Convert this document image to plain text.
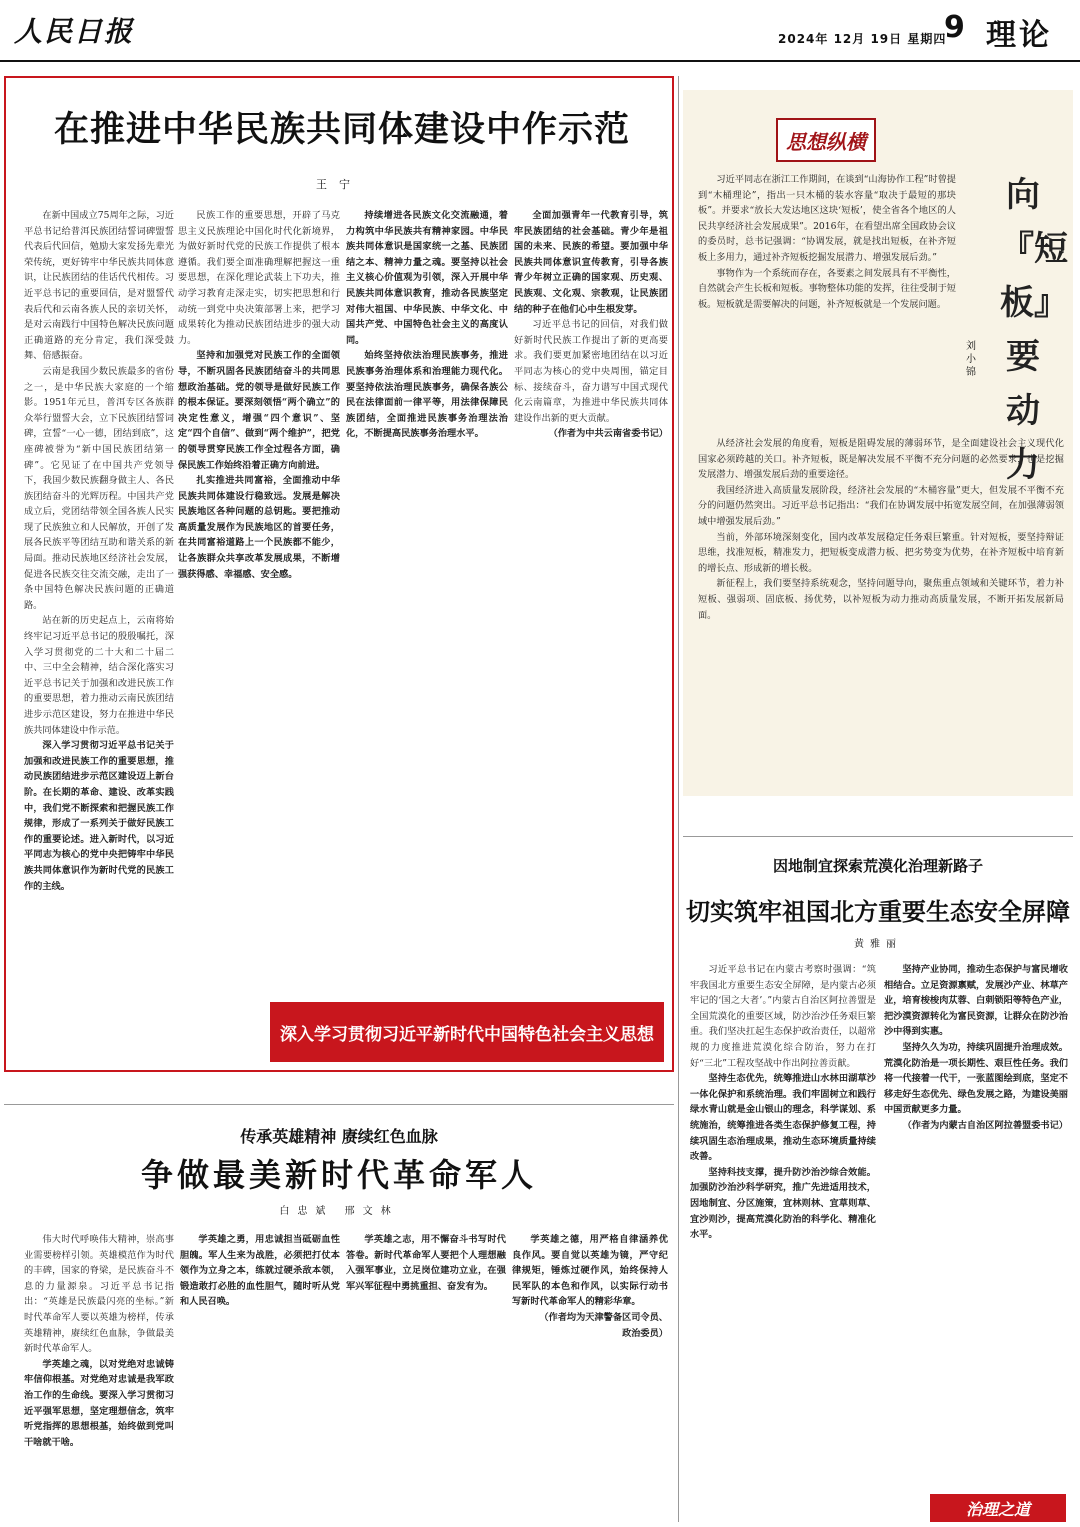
人民日报	2024年 12月 19日 星期四
9 理论
在推进中华民族共同体建设中作示范
王宁

在新中国成立75周年之际，习近平总书记给普洱民族团结誓词碑盟誓代表后代回信，勉励大家发扬先辈光荣传统，更好铸牢中华民族共同体意识，让民族团结的佳话代代相传。习近平总书记的重要回信，是对盟誓代表后代和云南各族人民的亲切关怀，是对云南践行中国特色解决民族问题正确道路的充分肯定，我们深受鼓舞、倍感振奋。

云南是我国少数民族最多的省份之一，是中华民族大家庭的一个缩影。1951年元旦，普洱专区各族群众举行盟誓大会，立下民族团结誓词碑，宣誓“一心一德，团结到底”，这座碑被誉为“新中国民族团结第一碑”。它见证了在中国共产党领导下，我国少数民族翻身做主人、各民族团结奋斗的光辉历程。中国共产党成立后，党团结带领全国各族人民实现了民族独立和人民解放，开创了发展各民族平等团结互助和谐关系的新局面。推动民族地区经济社会发展，促进各民族交往交流交融，走出了一条中国特色解决民族问题的正确道路。

站在新的历史起点上，云南将始终牢记习近平总书记的殷殷嘱托，深入学习贯彻党的二十大和二十届二中、三中全会精神，结合深化落实习近平总书记关于加强和改进民族工作的重要思想，着力推动云南民族团结进步示范区建设，努力在推进中华民族共同体建设中作示范。

深入学习贯彻习近平总书记关于加强和改进民族工作的重要思想，推动民族团结进步示范区建设迈上新台阶。在长期的革命、建设、改革实践中，我们党不断探索和把握民族工作规律，形成了一系列关于做好民族工作的重要论述。进入新时代，以习近平同志为核心的党中央把铸牢中华民族共同体意识作为新时代党的民族工作的主线。

民族工作的重要思想，开辟了马克思主义民族理论中国化时代化新境界，为做好新时代党的民族工作提供了根本遵循。我们要全面准确理解把握这一重要思想，在深化理论武装上下功夫，推动学习教育走深走实，切实把思想和行动统一到党中央决策部署上来，把学习成果转化为推动民族团结进步的强大动力。

坚持和加强党对民族工作的全面领导，不断巩固各民族团结奋斗的共同思想政治基础。党的领导是做好民族工作的根本保证。要深刻领悟“两个确立”的决定性意义，增强“四个意识”、坚定“四个自信”、做到“两个维护”，把党的领导贯穿民族工作全过程各方面，确保民族工作始终沿着正确方向前进。

扎实推进共同富裕，全面推动中华民族共同体建设行稳致远。发展是解决民族地区各种问题的总钥匙。要把推动高质量发展作为民族地区的首要任务，在共同富裕道路上一个民族都不能少，让各族群众共享改革发展成果，不断增强获得感、幸福感、安全感。

持续增进各民族文化交流融通，着力构筑中华民族共有精神家园。中华民族共同体意识是国家统一之基、民族团结之本、精神力量之魂。要坚持以社会主义核心价值观为引领，深入开展中华民族共同体意识教育，推动各民族坚定对伟大祖国、中华民族、中华文化、中国共产党、中国特色社会主义的高度认同。

始终坚持依法治理民族事务，推进民族事务治理体系和治理能力现代化。要坚持依法治理民族事务，确保各族公民在法律面前一律平等，用法律保障民族团结，全面推进民族事务治理法治化，不断提高民族事务治理水平。

全面加强青年一代教育引导，筑牢民族团结的社会基础。青少年是祖国的未来、民族的希望。要加强中华民族共同体意识宣传教育，引导各族青少年树立正确的国家观、历史观、民族观、文化观、宗教观，让民族团结的种子在他们心中生根发芽。

习近平总书记的回信，对我们做好新时代民族工作提出了新的更高要求。我们要更加紧密地团结在以习近平同志为核心的党中央周围，锚定目标、接续奋斗，奋力谱写中国式现代化云南篇章，为推进中华民族共同体建设作出新的更大贡献。

（作者为中共云南省委书记）

深入学习贯彻习近平新时代中国特色社会主义思想
思想纵横
向『短板』要动力
刘小锦

习近平同志在浙江工作期间，在谈到“山海协作工程”时曾提到“木桶理论”，指出一只木桶的装水容量“取决于最短的那块板”。并要求“放长大发达地区这块‘短板’，使全省各个地区的人民共享经济社会发展成果”。2016年，在看望出席全国政协会议的委员时，总书记强调：“协调发展，就是找出短板，在补齐短板上多用力，通过补齐短板挖掘发展潜力、增强发展后劲。”

事物作为一个系统而存在，各要素之间发展具有不平衡性，自然就会产生长板和短板。事物整体功能的发挥，往往受制于短板。短板就是需要解决的问题，补齐短板就是一个发展问题。

从经济社会发展的角度看，短板是阻碍发展的薄弱环节，是全面建设社会主义现代化国家必须跨越的关口。补齐短板，既是解决发展不平衡不充分问题的必然要求，也是挖掘发展潜力、增强发展后劲的重要途径。

我国经济进入高质量发展阶段，经济社会发展的“木桶容量”更大，但发展不平衡不充分的问题仍然突出。习近平总书记指出：“我们在协调发展中拓宽发展空间，在加强薄弱领域中增强发展后劲。”

当前，外部环境深刻变化，国内改革发展稳定任务艰巨繁重。针对短板，要坚持辩证思维，找准短板，精准发力，把短板变成潜力板、把劣势变为优势，在补齐短板中培育新的增长点、形成新的增长极。

新征程上，我们要坚持系统观念，坚持问题导向，聚焦重点领域和关键环节，着力补短板、强弱项、固底板、扬优势，以补短板为动力推动高质量发展，不断开拓发展新局面。

因地制宜探索荒漠化治理新路子
切实筑牢祖国北方重要生态安全屏障
黄雅丽

习近平总书记在内蒙古考察时强调：“筑牢我国北方重要生态安全屏障，是内蒙古必须牢记的‘国之大者’。”内蒙古自治区阿拉善盟是全国荒漠化的重要区域，防沙治沙任务艰巨繁重。我们坚决扛起生态保护政治责任，以超常规的力度推进荒漠化综合防治，努力在打好“三北”工程攻坚战中作出阿拉善贡献。

坚持生态优先，统筹推进山水林田湖草沙一体化保护和系统治理。我们牢固树立和践行绿水青山就是金山银山的理念，科学谋划、系统施治，统筹推进各类生态保护修复工程，持续巩固生态治理成果，推动生态环境质量持续改善。

坚持科技支撑，提升防沙治沙综合效能。加强防沙治沙科学研究，推广先进适用技术，因地制宜、分区施策，宜林则林、宜草则草、宜沙则沙，提高荒漠化防治的科学化、精准化水平。

坚持产业协同，推动生态保护与富民增收相结合。立足资源禀赋，发展沙产业、林草产业，培育梭梭肉苁蓉、白刺锁阳等特色产业，把沙漠资源转化为富民资源，让群众在防沙治沙中得到实惠。

坚持久久为功，持续巩固提升治理成效。荒漠化防治是一项长期性、艰巨性任务。我们将一代接着一代干，一张蓝图绘到底，坚定不移走好生态优先、绿色发展之路，为建设美丽中国贡献更多力量。

（作者为内蒙古自治区阿拉善盟委书记）

传承英雄精神 赓续红色血脉
争做最美新时代革命军人
白忠斌 邢文林

伟大时代呼唤伟大精神，崇高事业需要榜样引领。英雄模范作为时代的丰碑，国家的脊梁，是民族奋斗不息的力量源泉。习近平总书记指出：“英雄是民族最闪亮的坐标。”新时代革命军人要以英雄为榜样，传承英雄精神，赓续红色血脉，争做最美新时代革命军人。

学英雄之魂，以对党绝对忠诚铸牢信仰根基。对党绝对忠诚是我军政治工作的生命线。要深入学习贯彻习近平强军思想，坚定理想信念，筑牢听党指挥的思想根基，始终做到党叫干啥就干啥。

学英雄之勇，用忠诚担当砥砺血性胆魄。军人生来为战胜，必须把打仗本领作为立身之本，练就过硬杀敌本领，锻造敢打必胜的血性胆气，随时听从党和人民召唤。

学英雄之志，用不懈奋斗书写时代答卷。新时代革命军人要把个人理想融入强军事业，立足岗位建功立业，在强军兴军征程中勇挑重担、奋发有为。

学英雄之德，用严格自律涵养优良作风。要自觉以英雄为镜，严守纪律规矩，锤炼过硬作风，始终保持人民军队的本色和作风，以实际行动书写新时代革命军人的精彩华章。

（作者均为天津警备区司令员、政治委员）

治理之道
